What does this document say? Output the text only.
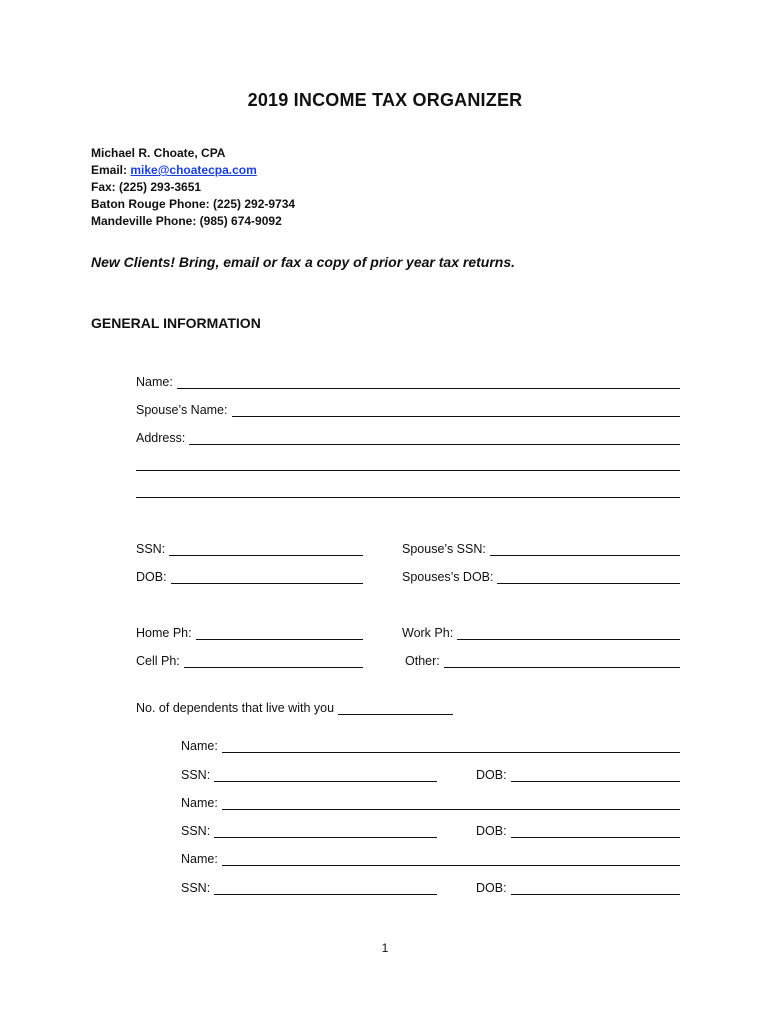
2019 INCOME TAX ORGANIZER
Michael R. Choate, CPA
Email: mike@choatecpa.com
Fax: (225) 293-3651
Baton Rouge Phone: (225) 292-9734
Mandeville Phone: (985) 674-9092
New Clients! Bring, email or fax a copy of prior year tax returns.
GENERAL INFORMATION
Name:
Spouse’s Name:
Address:
SSN:	Spouse’s SSN:
DOB:	Spouses’s DOB:
Home Ph:	Work Ph:
Cell Ph:	Other:
No. of dependents that live with you
Name:
SSN:	DOB:
Name:
SSN:	DOB:
Name:
SSN:	DOB:
1
